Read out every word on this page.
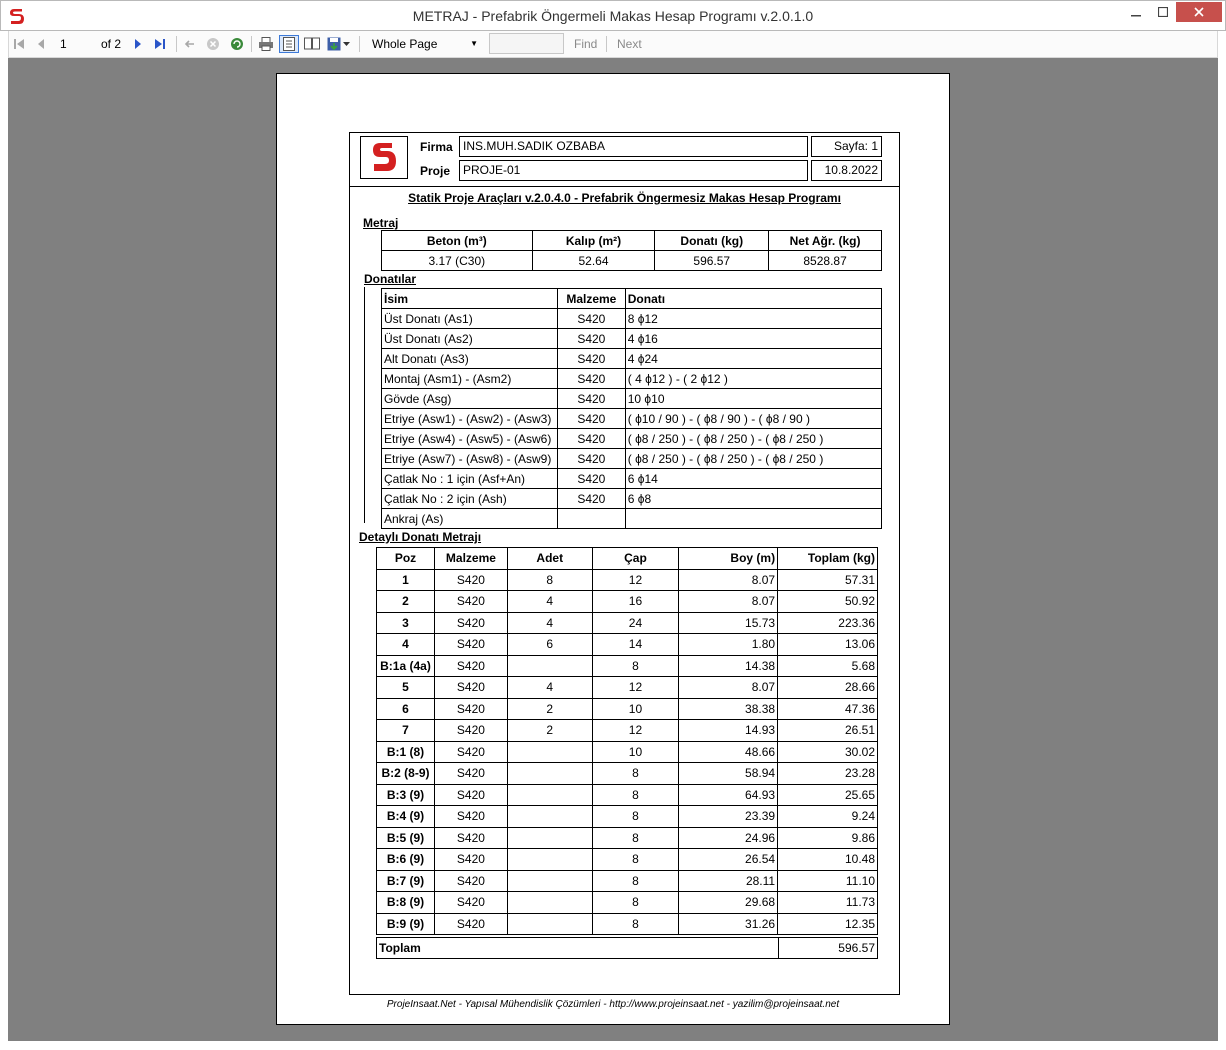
METRAJ - Prefabrik Öngermeli Makas Hesap Programı v.2.0.1.0
1	of 2	Whole Page	▼	Find Next
Firma INS.MUH.SADIK OZBABA	Sayfa: 1
Proje	PROJE-01	10.8.2022
Statik Proje Araçları v.2.0.4.0 - Prefabrik Öngermesiz Makas Hesap Programı
Metraj
Beton (m³)	Kalıp (m²)	Donatı (kg)	Net Ağr. (kg)
3.17 (C30)	52.64	596.57	8528.87
Donatılar
İsim	Malzeme	Donatı
Üst Donatı (As1)	S420	8 ϕ12
Üst Donatı (As2)	S420	4 ϕ16
Alt Donatı (As3)	S420	4 ϕ24
Montaj (Asm1) - (Asm2)	S420	( 4 ϕ12 ) - ( 2 ϕ12 )
Gövde (Asg)	S420	10 ϕ10
Etriye (Asw1) - (Asw2) - (Asw3)	S420	( ϕ10 / 90 ) - ( ϕ8 / 90 ) - ( ϕ8 / 90 )
Etriye (Asw4) - (Asw5) - (Asw6)	S420	( ϕ8 / 250 ) - ( ϕ8 / 250 ) - ( ϕ8 / 250 )
Etriye (Asw7) - (Asw8) - (Asw9)	S420	( ϕ8 / 250 ) - ( ϕ8 / 250 ) - ( ϕ8 / 250 )
Çatlak No : 1 için (Asf+An)	S420	6 ϕ14
Çatlak No : 2 için (Ash)	S420	6 ϕ8
Ankraj (As)		
Detaylı Donatı Metrajı
Poz	Malzeme	Adet	Çap	Boy (m)	Toplam (kg)
1	S420	8	12	8.07	57.31
2	S420	4	16	8.07	50.92
3	S420	4	24	15.73	223.36
4	S420	6	14	1.80	13.06
B:1a (4a)	S420		8	14.38	5.68
5	S420	4	12	8.07	28.66
6	S420	2	10	38.38	47.36
7	S420	2	12	14.93	26.51
B:1 (8)	S420		10	48.66	30.02
B:2 (8-9)	S420		8	58.94	23.28
B:3 (9)	S420		8	64.93	25.65
B:4 (9)	S420		8	23.39	9.24
B:5 (9)	S420		8	24.96	9.86
B:6 (9)	S420		8	26.54	10.48
B:7 (9)	S420		8	28.11	11.10
B:8 (9)	S420		8	29.68	11.73
B:9 (9)	S420		8	31.26	12.35
Toplam	596.57
ProjeInsaat.Net - Yapısal Mühendislik Çözümleri - http://www.projeinsaat.net - yazilim@projeinsaat.net
